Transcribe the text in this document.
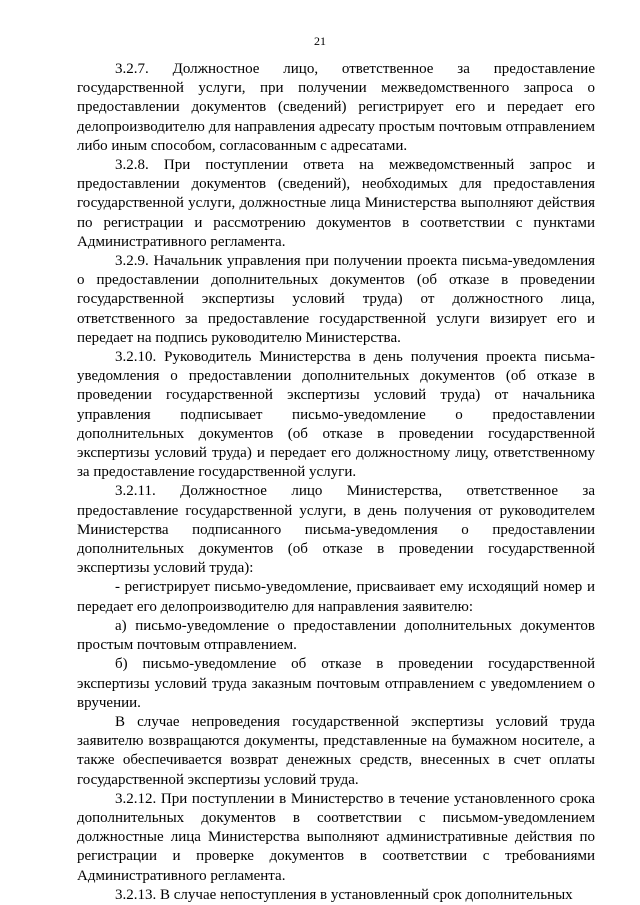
21

3.2.7. Должностное лицо, ответственное за предоставление государственной услуги, при получении межведомственного запроса о предоставлении документов (сведений) регистрирует его и передает его делопроизводителю для направления адресату простым почтовым отправлением либо иным способом, согласованным с адресатами.

3.2.8. При поступлении ответа на межведомственный запрос и предоставлении документов (сведений), необходимых для предоставления государственной услуги, должностные лица Министерства выполняют действия по регистрации и рассмотрению документов в соответствии с пунктами Административного регламента.

3.2.9. Начальник управления при получении проекта письма-уведомления о предоставлении дополнительных документов (об отказе в проведении государственной экспертизы условий труда) от должностного лица, ответственного за предоставление государственной услуги визирует его и передает на подпись руководителю Министерства.

3.2.10. Руководитель Министерства в день получения проекта письма-уведомления о предоставлении дополнительных документов (об отказе в проведении государственной экспертизы условий труда) от начальника управления подписывает письмо-уведомление о предоставлении дополнительных документов (об отказе в проведении государственной экспертизы условий труда) и передает его должностному лицу, ответственному за предоставление государственной услуги.

3.2.11. Должностное лицо Министерства, ответственное за предоставление государственной услуги, в день получения от руководителем Министерства подписанного письма-уведомления о предоставлении дополнительных документов (об отказе в проведении государственной экспертизы условий труда):

- регистрирует письмо-уведомление, присваивает ему исходящий номер и передает его делопроизводителю для направления заявителю:

а) письмо-уведомление о предоставлении дополнительных документов простым почтовым отправлением.

б) письмо-уведомление об отказе в проведении государственной экспертизы условий труда заказным почтовым отправлением с уведомлением о вручении.

В случае непроведения государственной экспертизы условий труда заявителю возвращаются документы, представленные на бумажном носителе, а также обеспечивается возврат денежных средств, внесенных в счет оплаты государственной экспертизы условий труда.

3.2.12. При поступлении в Министерство в течение установленного срока дополнительных документов в соответствии с письмом-уведомлением должностные лица Министерства выполняют административные действия по регистрации и проверке документов в соответствии с требованиями Административного регламента.

3.2.13. В случае непоступления в установленный срок дополнительных
